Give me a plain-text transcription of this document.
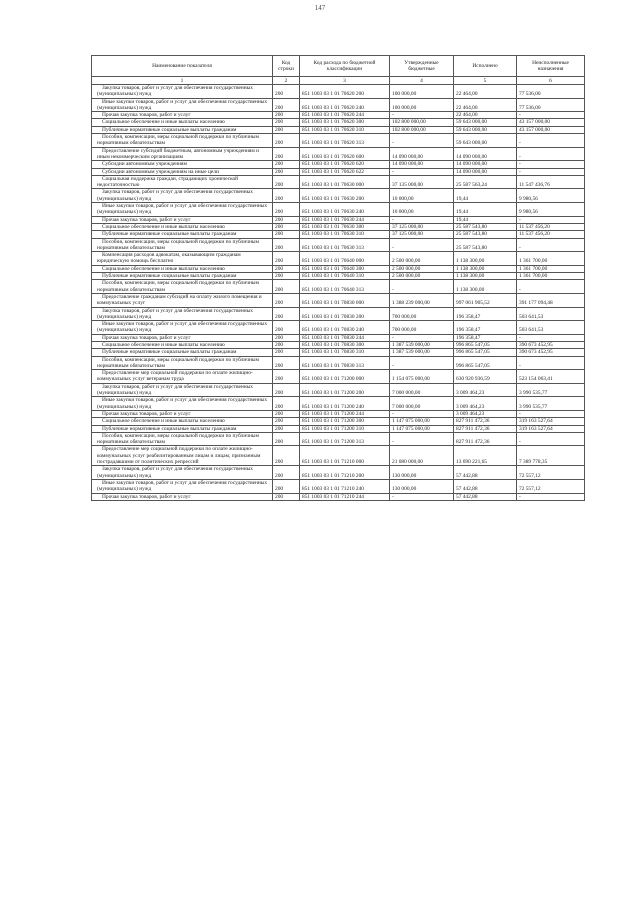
147
Наименование показателя	Код строки	Код расхода по бюджетной классификации	Утвержденные бюджетные	Исполнено	Неисполненные назначения
1	2	3	4	5	6

Закупка товаров, работ и услуг для обеспечения государственных (муниципальных) нужд	200	851 1003 03 1 01 70620 200	100 000,00	22 464,00	77 536,00

Иные закупки товаров, работ и услуг для обеспечения государственных (муниципальных) нужд	200	851 1003 03 1 01 70620 240	100 000,00	22 464,00	77 536,00

Прочая закупка товаров, работ и услуг	200	851 1003 03 1 01 70620 244	-	22 464,00	-

Социальное обеспечение и иные выплаты населению	200	851 1003 03 1 01 70620 300	102 800 000,00	59 643 000,00	43 157 000,00

Публичные нормативные социальные выплаты гражданам	200	851 1003 03 1 01 70620 310	102 800 000,00	59 643 000,00	43 157 000,00

Пособия, компенсации, меры социальной поддержки по публичным нормативным обязательствам	200	851 1003 03 1 01 70620 313	-	59 643 000,00	-

Предоставление субсидий бюджетным, автономным учреждениям и иным некоммерческим организациям	200	851 1003 03 1 01 70620 600	14 090 000,00	14 090 000,00	-

Субсидии автономным учреждениям	200	851 1003 03 1 01 70620 620	14 090 000,00	14 090 000,00	-

Субсидии автономным учреждениям на иные цели	200	851 1003 03 1 01 70620 622	-	14 090 000,00	-

Социальная поддержка граждан, страдающих хронической недостаточностью	200	851 1003 03 1 01 70630 000	37 135 000,00	25 587 563,24	11 547 436,76

Закупка товаров, работ и услуг для обеспечения государственных (муниципальных) нужд	200	851 1003 03 1 01 70630 200	10 000,00	19,44	9 980,56

Иные закупки товаров, работ и услуг для обеспечения государственных (муниципальных) нужд	200	851 1003 03 1 01 70630 240	10 000,00	19,44	9 980,56

Прочая закупка товаров, работ и услуг	200	851 1003 03 1 01 70630 244	-	19,44	-

Социальное обеспечение и иные выплаты населению	200	851 1003 03 1 01 70630 300	37 125 000,00	25 587 543,80	11 537 456,20

Публичные нормативные социальные выплаты гражданам	200	851 1003 03 1 01 70630 310	37 125 000,00	25 587 543,80	11 537 456,20

Пособия, компенсации, меры социальной поддержки по публичным нормативным обязательствам	200	851 1003 03 1 01 70630 313	-	25 587 543,80	-

Компенсация расходов адвокатам, оказывающим гражданам юридическую помощь бесплатно	200	851 1003 03 1 01 70640 000	2 500 000,00	1 138 300,00	1 361 700,00

Социальное обеспечение и иные выплаты населению	200	851 1003 03 1 01 70640 300	2 500 000,00	1 138 300,00	1 361 700,00

Публичные нормативные социальные выплаты гражданам	200	851 1003 03 1 01 70640 310	2 500 000,00	1 138 300,00	1 361 700,00

Пособия, компенсации, меры социальной поддержки по публичным нормативным обязательствам	200	851 1003 03 1 01 70640 313	-	1 138 300,00	-

Предоставление гражданам субсидий на оплату жилого помещения и коммунальных услуг	200	851 1003 03 1 01 70830 000	1 388 239 000,00	997 061 905,52	391 177 094,48

Закупка товаров, работ и услуг для обеспечения государственных (муниципальных) нужд	200	851 1003 03 1 01 70830 200	700 000,00	196 358,47	503 641,53

Иные закупки товаров, работ и услуг для обеспечения государственных (муниципальных) нужд	200	851 1003 03 1 01 70830 240	700 000,00	196 358,47	503 641,53

Прочая закупка товаров, работ и услуг	200	851 1003 03 1 01 70830 244	-	196 358,47	-

Социальное обеспечение и иные выплаты населению	200	851 1003 03 1 01 70830 300	1 387 539 000,00	996 865 547,05	390 673 452,95

Публичные нормативные социальные выплаты гражданам	200	851 1003 03 1 01 70830 310	1 387 539 000,00	996 865 547,05	390 673 452,95

Пособия, компенсации, меры социальной поддержки по публичным нормативным обязательствам	200	851 1003 03 1 01 70830 313	-	996 865 547,05	-

Предоставление мер социальной поддержки по оплате жилищно-коммунальных услуг ветеранам труда	200	851 1003 03 1 01 71200 000	1 154 075 000,00	630 920 936,59	523 154 063,41

Закупка товаров, работ и услуг для обеспечения государственных (муниципальных) нужд	200	851 1003 03 1 01 71200 200	7 000 000,00	3 009 464,23	3 990 535,77

Иные закупки товаров, работ и услуг для обеспечения государственных (муниципальных) нужд	200	851 1003 03 1 01 71200 240	7 000 000,00	3 009 464,23	3 990 535,77

Прочая закупка товаров, работ и услуг	200	851 1003 03 1 01 71200 244	-	3 009 464,23	-

Социальное обеспечение и иные выплаты населению	200	851 1003 03 1 01 71200 300	1 147 075 000,00	827 911 472,36	319 163 527,64

Публичные нормативные социальные выплаты гражданам	200	851 1003 03 1 01 71200 310	1 147 075 000,00	827 911 472,36	319 163 527,64

Пособия, компенсации, меры социальной поддержки по публичным нормативным обязательствам	200	851 1003 03 1 01 71200 313	-	827 911 472,36	-

Предоставление мер социальной поддержки по оплате жилищно-коммунальных услуг реабилитированным лицам и лицам, признанным пострадавшими от политических репрессий	200	851 1003 03 1 01 71210 000	21 080 000,00	13 690 221,65	7 389 778,35

Закупка товаров, работ и услуг для обеспечения государственных (муниципальных) нужд	200	851 1003 03 1 01 71210 200	130 000,00	57 442,88	72 557,12

Иные закупки товаров, работ и услуг для обеспечения государственных (муниципальных) нужд	200	851 1003 03 1 01 71210 240	130 000,00	57 442,88	72 557,12

Прочая закупка товаров, работ и услуг	200	851 1003 03 1 01 71210 244	-	57 442,88	-
